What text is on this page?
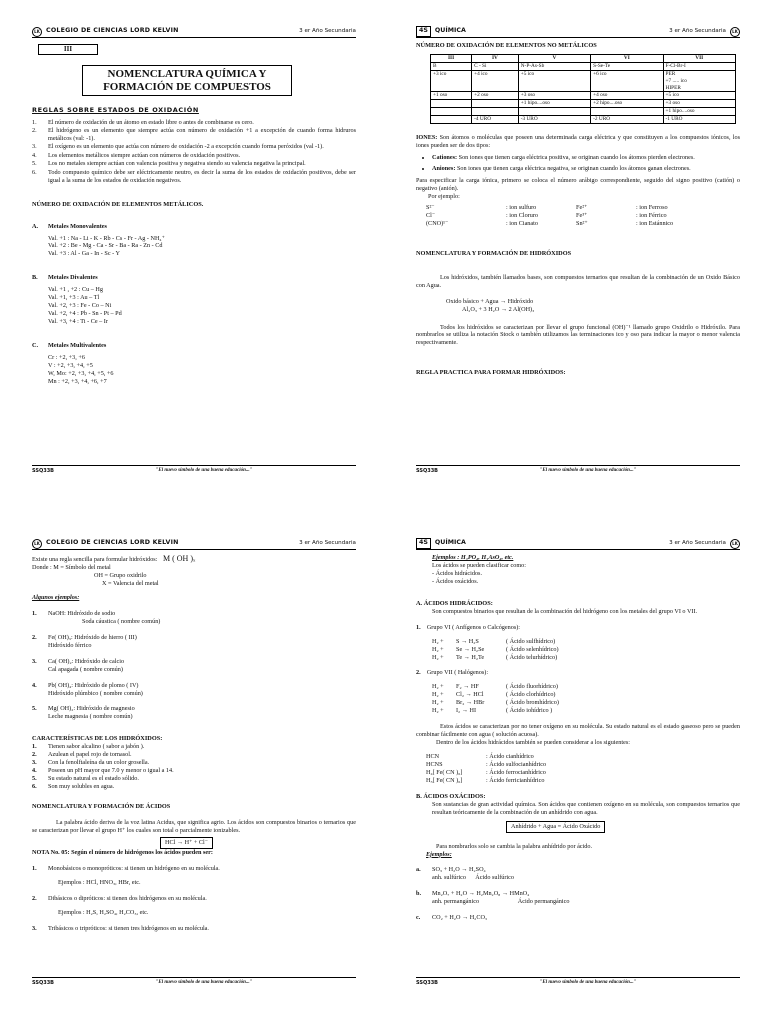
LK COLEGIO DE CIENCIAS LORD KELVIN	3 er Año Secundaria
III
NOMENCLATURA QUÍMICA Y
FORMACIÓN DE COMPUESTOS
REGLAS SOBRE ESTADOS DE OXIDACIÓN
1.	El número de oxidación de un átomo en estado libre o antes de combinarse es cero.
2.	El hidrógeno es un elemento que siempre actúa con número de oxidación +1 a excepción de cuando forma hidruros metálicos (val: -1).
3.	El oxígeno es un elemento que actúa con número de oxidación -2 a excepción cuando forma peróxidos (val -1).
4.	Los elementos metálicos siempre actúan con números de oxidación positivos.
5.	Los no metales siempre actúan con valencia positiva y negativa siendo su valencia negativa la principal.
6.	Todo compuesto químico debe ser eléctricamente neutro, es decir la suma de los estados de oxidación positivos, debe ser igual a la suma de los estados de oxidación negativos.
NÚMERO DE OXIDACIÓN DE ELEMENTOS METÁLICOS.
A.	Metales Monovalentes
Val. +1 : Na - Li - K - Rb - Cs - Fr - Ag - NH₄⁺
Val. +2 : Be - Mg - Ca - Sr - Ba - Ra - Zn - Cd
Val. +3 : Al - Ga - In - Sc - Y
B.	Metales Divalentes
Val. +1 , +2 : Cu – Hg
Val. +1, +3 : Au – Tl
Val. +2, +3 : Fe - Co – Ni
Val. +2, +4 : Pb - Sn - Pt – Pd
Val. +3, +4 : Ti - Ce – Ir
C.	Metales Multivalentes
Cr : +2, +3, +6
V : +2, +3, +4, +5
W, Mo: +2, +3, +4, +5, +6
Mn : +2, +3, +4, +6, +7
SSQ33B	"El nuevo símbolo de una buena educación..."
4S	QUÍMICA	3 er Año Secundaria	LK
NÚMERO DE OXIDACIÓN DE ELEMENTOS NO METÁLICOS
III	IV	V	VI	VII
B	C - Si	N-P-As-Sb	S-Se-Te	F-Cl-Br-I
+3 ico	+4 ico	+5 ico	+6 ico	PER
+7 ..... ico
HIPER
+1 oso	+2 oso	+3 oso	+4 oso	+5 ico
		+1 hipo....oso	+2 hipo....oso	+3 oso
				+1 hipo....oso
	-4 URO	-3 URO	-2 URO	-1 URO

IONES: Son átomos o moléculas que poseen una determinada carga eléctrica y que constituyen a los compuestos iónicos, los iones pueden ser de dos tipos:

• Cationes: Son iones que tienen carga eléctrica positiva, se originan cuando los átomos pierden electrones.
• Aniones: Son iones que tienen carga eléctrica negativa, se originan cuando los átomos ganan electrones.

Para especificar la carga iónica, primero se coloca el número arábigo correspondiente, seguido del signo positivo (catión) o negativo (anión).

Por ejemplo:
S²⁻	: ion sulfuro	Fe²⁺	: ion Ferroso
Cl⁻	: ion Cloruro	Fe³⁺	: ion Férrico
(CNO)¹⁻	: ion Cianato	Sn²⁺	: ion Estánnico
NOMENCLATURA Y FORMACIÓN DE HIDRÓXIDOS

Los hidróxidos, también llamados bases, son compuestos ternarios que resultan de la combinación de un Oxido Básico con Agua.

Oxido básico + Agua → Hidróxido
Al₂O₃ + 3 H₂O → 2 Al(OH)₃

Todos los hidróxidos se caracterizan por llevar el grupo funcional (OH)⁻¹ llamado grupo Oxidrilo o Hidróxilo. Para nombrarlos se utiliza la notación Stock o también utilizamos las terminaciones ico y oso para indicar la mayor o menor valencia respectivamente.

REGLA PRACTICA PARA FORMAR HIDRÓXIDOS:
SSQ33B	"El nuevo símbolo de una buena educación..."
LK COLEGIO DE CIENCIAS LORD KELVIN	3 er Año Secundaria
Existe una regla sencilla para formular hidróxidos: M ( OH )ₓ
Donde : M = Símbolo del metal
OH = Grupo oxidrilo
X = Valencia del metal
Algunos ejemplos:
1.	NaOH: Hidróxido de sodio
Soda cáustica ( nombre común)
2.	Fe( OH)₃: Hidróxido de hierro ( III)
Hidróxido férrico
3.	Ca( OH)₂: Hidróxido de calcio
Cal apagada ( nombre común)
4.	Pb( OH)₄: Hidróxido de plomo ( IV)
Hidróxido plúmbico ( nombre común)
5.	Mg( OH)₂: Hidróxido de magnesio
Leche magnesia ( nombre común)
CARACTERÍSTICAS DE LOS HIDRÓXIDOS:
1.	Tienen sabor alcalino ( sabor a jabón ).
2.	Azulean el papel rojo de tornasol.
3.	Con la fenolftaleína da un color grosella.
4.	Poseen un pH mayor que 7.0 y menor o igual a 14.
5.	Su estado natural es el estado sólido.
6.	Son muy solubles en agua.
NOMENCLATURA Y FORMACIÓN DE ÁCIDOS

La palabra ácido deriva de la voz latina Acidus, que significa agrio. Los ácidos son compuestos binarios o ternarios que se caracterizan por llevar el grupo H⁺ los cuales son total o parcialmente ionizables.

HCl → H⁺ + Cl⁻
NOTA No. 05: Según el número de hidrógenos los ácidos pueden ser:
1.	Monobásicos o monopróticos: si tienen un hidrógeno en su molécula.
Ejemplos : HCl, HNO₃, HBr, etc.
2.	Dibásicos o dipróticos: si tienen dos hidrógenos en su molécula.
Ejemplos : H₂S, H₂SO₄, H₂CO₃, etc.
3.	Tribásicos o tripróticos: si tienen tres hidrógenos en su molécula.
SSQ33B	"El nuevo símbolo de una buena educación..."
4S	QUÍMICA	3 er Año Secundaria	LK
Ejemplos : H₃PO₄, H₃AsO₄, etc.
Los ácidos se pueden clasificar como:
- Ácidos hidrácidos.
- Ácidos oxácidos.
A. ÁCIDOS HIDRÁCIDOS:

Son compuestos binarios que resultan de la combinación del hidrógeno con los metales del grupo VI o VII.

1. Grupo VI ( Anfígenos o Calcógenos):
H₂ +	S → H₂S	( Ácido sulfhídrico)
H₂ +	Se → H₂Se	( Ácido selenhídrico)
H₂ +	Te → H₂Te	( Ácido telurhídrico)
2. Grupo VII ( Halógenos):
H₂ +	F₂ → HF	( Ácido fluorhídrico)
H₂ +	Cl₂ → HCl	( Ácido clorhídrico)
H₂ +	Br₂ → HBr	( Ácido bromhídrico)
H₂ +	I₂ → HI	( Ácido iohídrico )

Estos ácidos se caracterizan por no tener oxígeno en su molécula. Su estado natural es el estado gaseoso pero se pueden combinar fácilmente con agua ( solución acuosa).

Dentro de los ácidos hidrácidos también se pueden considerar a los siguientes:
HCN	: Ácido cianhídrico
HCNS	: Ácido sulfocianhídrico
H₄[ Fe( CN )₆]	: Ácido ferrocianhídrico
H₃[ Fe( CN )₆]	: Ácido ferricianhídrico
B. ÁCIDOS OXÁCIDOS:

Son sustancias de gran actividad química. Son ácidos que contienen oxígeno en su molécula, son compuestos ternarios que resultan teóricamente de la combinación de un anhídrido con agua.

Anhídrido + Agua = Ácido Oxácido
Para nombrarlos solo se cambia la palabra anhídrido por ácido.
Ejemplos:
a.	SO₃ + H₂O → H₂SO₄
anh. sulfúrico      Ácido sulfúrico
b.	Mn₂O₇ + H₂O → H₂Mn₂O₈ → HMnO₄
anh. permangánico                         Ácido permangánico
c.	CO₂ + H₂O → H₂CO₃
SSQ33B	"El nuevo símbolo de una buena educación..."
